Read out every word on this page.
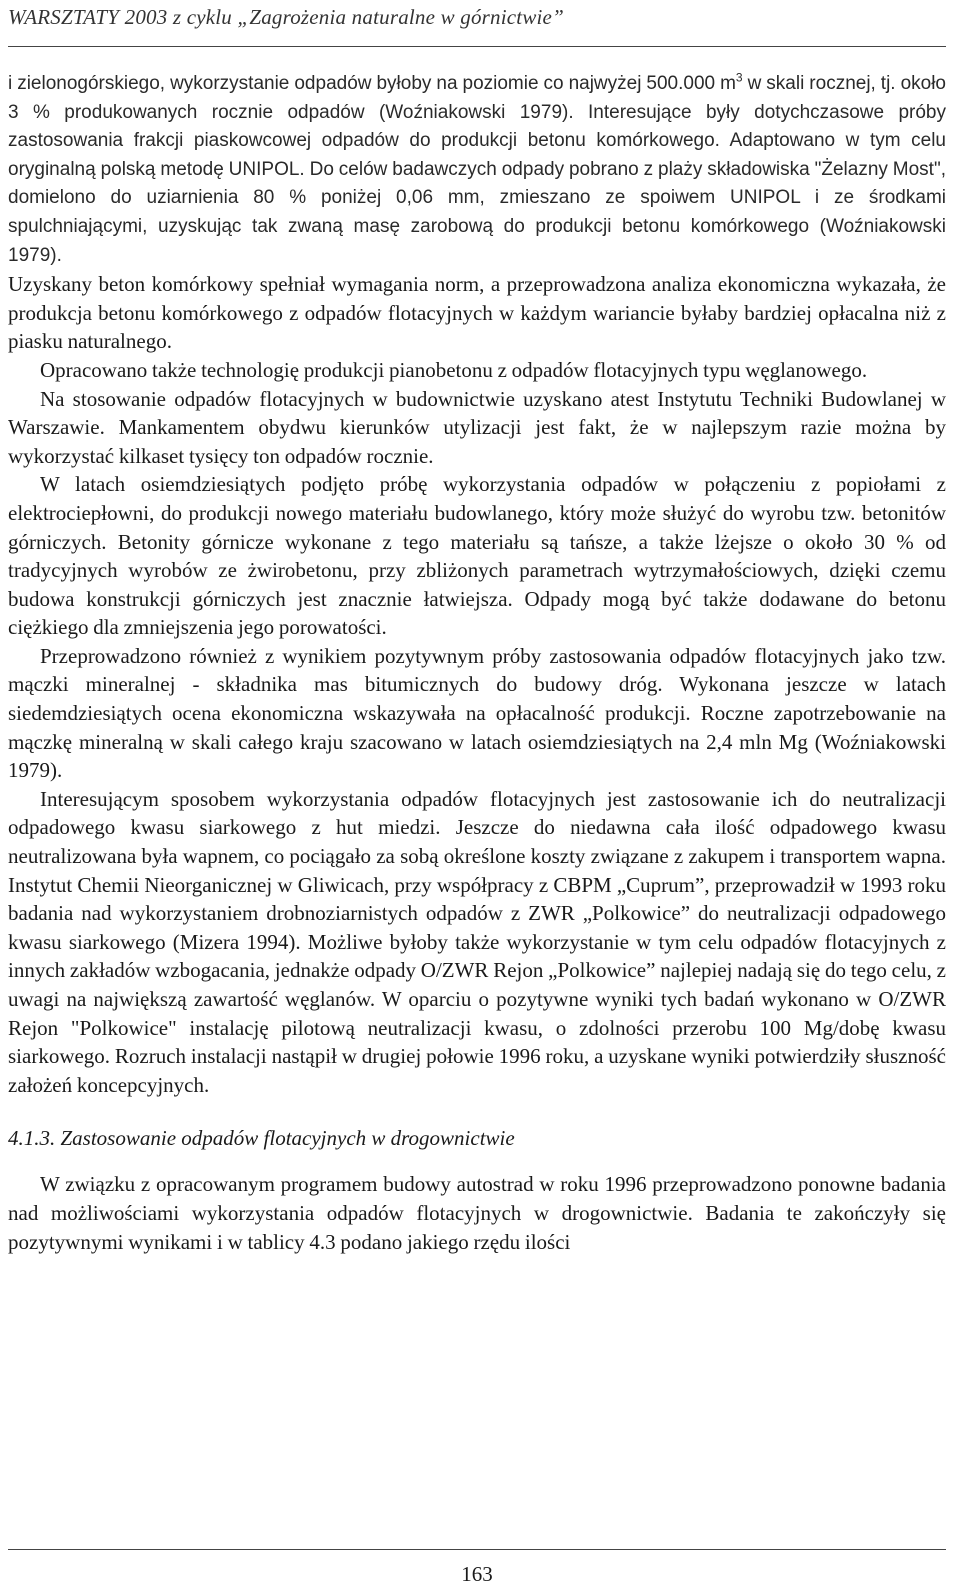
WARSZTATY 2003 z cyklu „Zagrożenia naturalne w górnictwie”

i zielonogórskiego, wykorzystanie odpadów byłoby na poziomie co najwyżej 500.000 $m^3$ w skali rocznej, tj. około 3 % produkowanych rocznie odpadów (Woźniakowski 1979). Interesujące były dotychczasowe próby zastosowania frakcji piaskowcowej odpadów do produkcji betonu komórkowego. Adaptowano w tym celu oryginalną polską metodę UNIPOL. Do celów badawczych odpady pobrano z plaży składowiska "Żelazny Most", domielono do uziarnienia 80 % poniżej 0,06 mm, zmieszano ze spoiwem UNIPOL i ze środkami spulchniającymi, uzyskując tak zwaną masę zarobową do produkcji betonu komórkowego (Woźniakowski 1979).

Uzyskany beton komórkowy spełniał wymagania norm, a przeprowadzona analiza ekonomiczna wykazała, że produkcja betonu komórkowego z odpadów flotacyjnych w każdym wariancie byłaby bardziej opłacalna niż z piasku naturalnego.

Opracowano także technologię produkcji pianobetonu z odpadów flotacyjnych typu węglanowego.

Na stosowanie odpadów flotacyjnych w budownictwie uzyskano atest Instytutu Techniki Budowlanej w Warszawie. Mankamentem obydwu kierunków utylizacji jest fakt, że w najlepszym razie można by wykorzystać kilkaset tysięcy ton odpadów rocznie.

W latach osiemdziesiątych podjęto próbę wykorzystania odpadów w połączeniu z popiołami z elektrociepłowni, do produkcji nowego materiału budowlanego, który może służyć do wyrobu tzw. betonitów górniczych. Betonity górnicze wykonane z tego materiału są tańsze, a także lżejsze o około 30 % od tradycyjnych wyrobów ze żwirobetonu, przy zbliżonych parametrach wytrzymałościowych, dzięki czemu budowa konstrukcji górniczych jest znacznie łatwiejsza. Odpady mogą być także dodawane do betonu ciężkiego dla zmniejszenia jego porowatości.

Przeprowadzono również z wynikiem pozytywnym próby zastosowania odpadów flotacyjnych jako tzw. mączki mineralnej - składnika mas bitumicznych do budowy dróg. Wykonana jeszcze w latach siedemdziesiątych ocena ekonomiczna wskazywała na opłacalność produkcji. Roczne zapotrzebowanie na mączkę mineralną w skali całego kraju szacowano w latach osiemdziesiątych na 2,4 mln Mg (Woźniakowski 1979).

Interesującym sposobem wykorzystania odpadów flotacyjnych jest zastosowanie ich do neutralizacji odpadowego kwasu siarkowego z hut miedzi. Jeszcze do niedawna cała ilość odpadowego kwasu neutralizowana była wapnem, co pociągało za sobą określone koszty związane z zakupem i transportem wapna. Instytut Chemii Nieorganicznej w Gliwicach, przy współpracy z CBPM „Cuprum”, przeprowadził w 1993 roku badania nad wykorzystaniem drobnoziarnistych odpadów z ZWR „Polkowice” do neutralizacji odpadowego kwasu siarkowego (Mizera 1994). Możliwe byłoby także wykorzystanie w tym celu odpadów flotacyjnych z innych zakładów wzbogacania, jednakże odpady O/ZWR Rejon „Polkowice” najlepiej nadają się do tego celu, z uwagi na największą zawartość węglanów. W oparciu o pozytywne wyniki tych badań wykonano w O/ZWR Rejon "Polkowice" instalację pilotową neutralizacji kwasu, o zdolności przerobu 100 Mg/dobę kwasu siarkowego. Rozruch instalacji nastąpił w drugiej połowie 1996 roku, a uzyskane wyniki potwierdziły słuszność założeń koncepcyjnych.

4.1.3. Zastosowanie odpadów flotacyjnych w drogownictwie

W związku z opracowanym programem budowy autostrad w roku 1996 przeprowadzono ponowne badania nad możliwościami wykorzystania odpadów flotacyjnych w drogownictwie. Badania te zakończyły się pozytywnymi wynikami i w tablicy 4.3 podano jakiego rzędu ilości

163
